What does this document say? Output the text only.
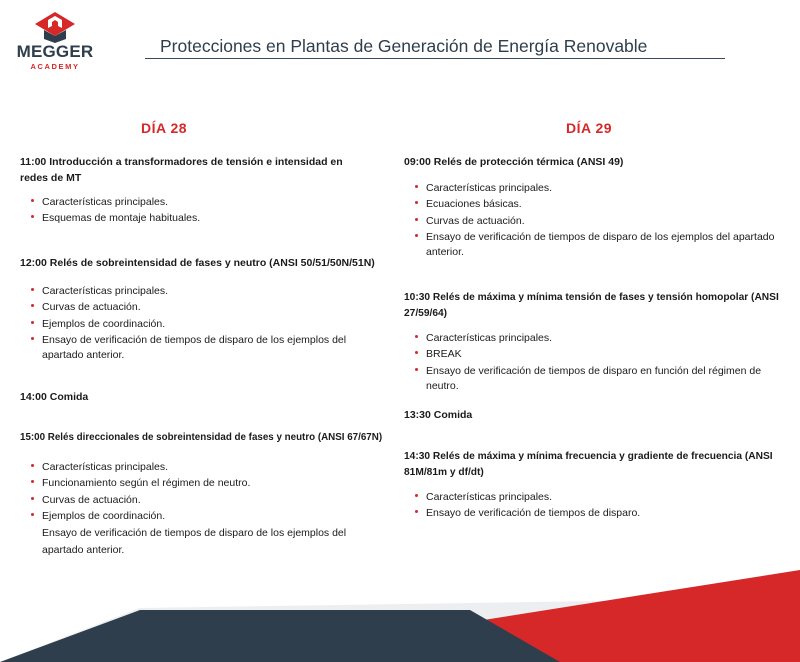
MEGGER
ACADEMY
Protecciones en Plantas de Generación de Energía Renovable
DÍA 28	DÍA 29
11:00 Introducción a transformadores de tensión e intensidad en redes de MT
Características principales.
Esquemas de montaje habituales.
12:00 Relés de sobreintensidad de fases y neutro (ANSI 50/51/50N/51N)
Características principales.
Curvas de actuación.
Ejemplos de coordinación.
Ensayo de verificación de tiempos de disparo de los ejemplos del apartado anterior.
14:00 Comida
15:00 Relés direccionales de sobreintensidad de fases y neutro (ANSI 67/67N)
Características principales.
Funcionamiento según el régimen de neutro.
Curvas de actuación.
Ejemplos de coordinación.
Ensayo de verificación de tiempos de disparo de los ejemplos del apartado anterior.
09:00 Relés de protección térmica (ANSI 49)
Características principales.
Ecuaciones básicas.
Curvas de actuación.
Ensayo de verificación de tiempos de disparo de los ejemplos del apartado anterior.
10:30 Relés de máxima y mínima tensión de fases y tensión homopolar (ANSI 27/59/64)
Características principales.
BREAK
Ensayo de verificación de tiempos de disparo en función del régimen de neutro.
13:30 Comida
14:30 Relés de máxima y mínima frecuencia y gradiente de frecuencia (ANSI 81M/81m y df/dt)
Características principales.
Ensayo de verificación de tiempos de disparo.
